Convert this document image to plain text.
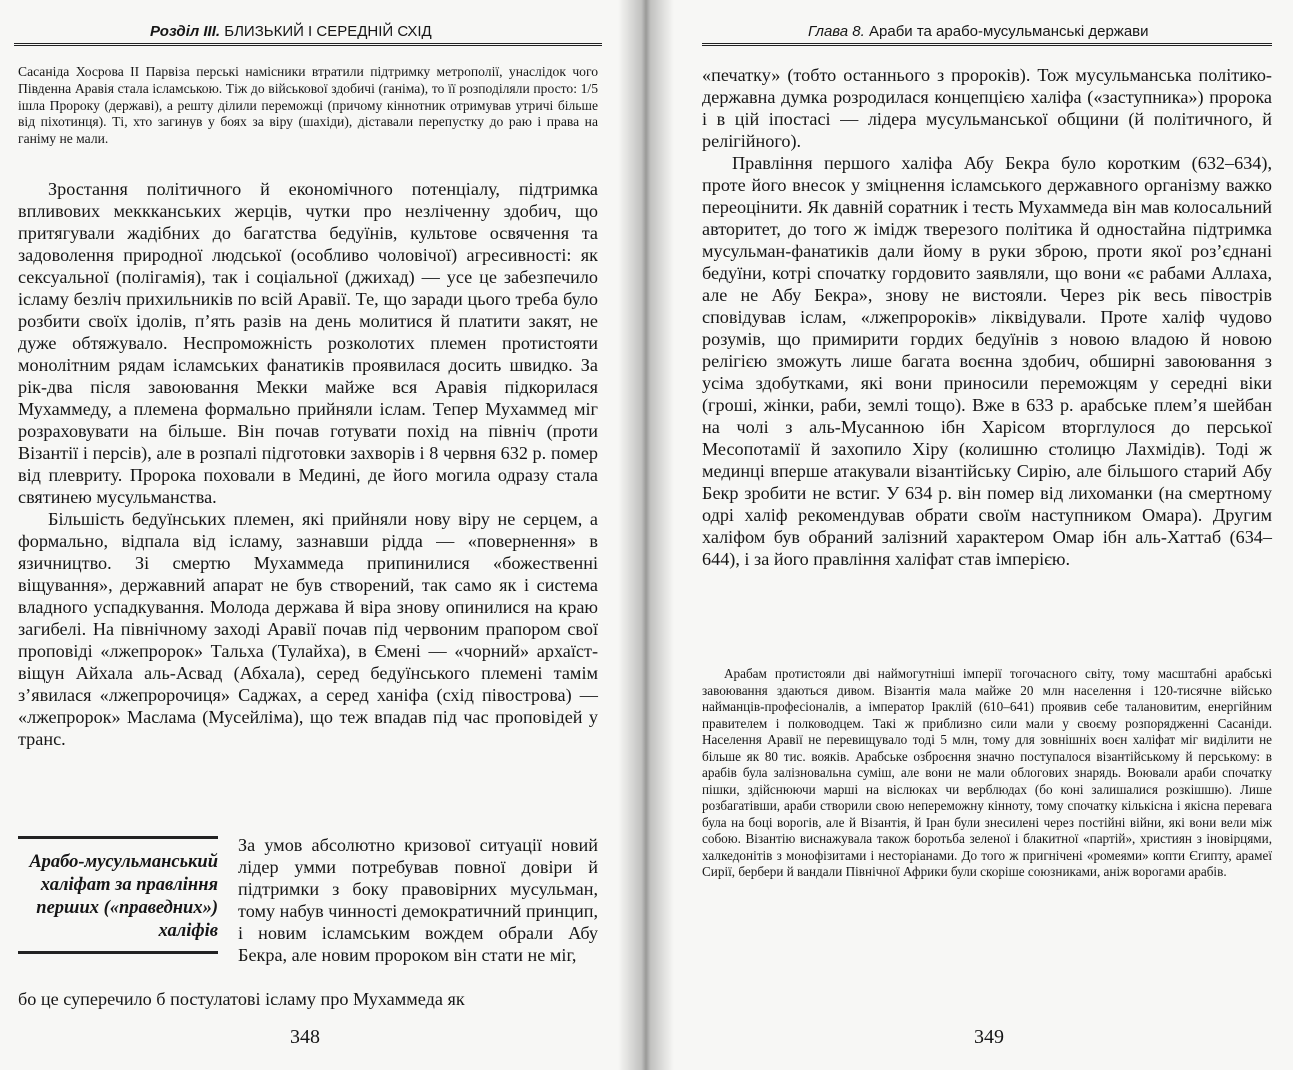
Розділ ІІІ. БЛИЗЬКИЙ І СЕРЕДНІЙ СХІД

Сасаніда Хосрова ІІ Парвіза перські намісники втратили підтримку метрополії, унаслідок чого Південна Аравія стала ісламською. Тіж до військової здобичі (ганіма), то її розподіляли просто: 1/5 ішла Пророку (державі), а решту ділили переможці (причому кіннотник отримував утричі більше від піхотинця). Ті, хто загинув у боях за віру (шахіди), діставали перепустку до раю і права на ганіму не мали.

Зростання політичного й економічного потенціалу, підтримка впливових меккканських жерців, чутки про незліченну здобич, що притягували жадібних до багатства бедуїнів, культове освячення та задоволення природної людської (особливо чоловічої) агресивності: як сексуальної (полігамія), так і соціальної (джихад) — усе це забезпечило ісламу безліч прихильників по всій Аравії. Те, що заради цього треба було розбити своїх ідолів, п’ять разів на день молитися й платити закят, не дуже обтяжувало. Неспроможність розколотих племен протистояти монолітним рядам ісламських фанатиків проявилася досить швидко. За рік-два після завоювання Мекки майже вся Аравія підкорилася Мухаммеду, а племена формально прийняли іслам. Тепер Мухаммед міг розраховувати на більше. Він почав готувати похід на північ (проти Візантії і персів), але в розпалі підготовки захворів і 8 червня 632 р. помер від плевриту. Пророка поховали в Медині, де його могила одразу стала святинею мусульманства.

Більшість бедуїнських племен, які прийняли нову віру не серцем, а формально, відпала від ісламу, зазнавши рідда — «повернення» в язичництво. Зі смертю Мухаммеда припинилися «божественні віщування», державний апарат не був створений, так само як і система владного успадкування. Молода держава й віра знову опинилися на краю загибелі. На північному заході Аравії почав під червоним прапором свої проповіді «лжепророк» Тальха (Тулайха), в Ємені — «чорний» архаїст-віщун Айхала аль-Асвад (Абхала), серед бедуїнського племені тамім з’явилася «лжепророчиця» Саджах, а серед ханіфа (схід півострова) — «лжепророк» Маслама (Мусейліма), що теж впадав під час проповідей у транс.

Арабо-мусульманський халіфат за правління перших («праведних») халіфів

За умов абсолютно кризової ситуації новий лідер умми потребував повної довіри й підтримки з боку правовірних мусульман, тому набув чинності демократичний принцип, і новим ісламським вождем обрали Абу Бекра, але новим пророком він стати не міг,

бо це суперечило б постулатові ісламу про Мухаммеда як

348
Глава 8. Араби та арабо-мусульманські держави

«печатку» (тобто останнього з пророків). Тож мусульманська політико-державна думка розродилася концепцією халіфа («заступника») пророка і в цій іпостасі — лідера мусульманської общини (й політичного, й релігійного).

Правління першого халіфа Абу Бекра було коротким (632–634), проте його внесок у зміцнення ісламського державного організму важко переоцінити. Як давній соратник і тесть Мухаммеда він мав колосальний авторитет, до того ж імідж тверезого політика й одностайна підтримка мусульман-фанатиків дали йому в руки зброю, проти якої роз’єднані бедуїни, котрі спочатку гордовито заявляли, що вони «є рабами Аллаха, але не Абу Бекра», знову не вистояли. Через рік весь півострів сповідував іслам, «лжепророків» ліквідували. Проте халіф чудово розумів, що примирити гордих бедуїнів з новою владою й новою релігією зможуть лише багата воєнна здобич, обширні завоювання з усіма здобутками, які вони приносили переможцям у середні віки (гроші, жінки, раби, землі тощо). Вже в 633 р. арабське плем’я шейбан на чолі з аль-Мусанною ібн Харісом вторглулося до перської Месопотамії й захопило Хіру (колишню столицю Лахмідів). Тоді ж мединці вперше атакували візантійську Сирію, але більшого старий Абу Бекр зробити не встиг. У 634 р. він помер від лихоманки (на смертному одрі халіф рекомендував обрати своїм наступником Омара). Другим халіфом був обраний залізний характером Омар ібн аль-Хаттаб (634–644), і за його правління халіфат став імперією.

Арабам протистояли дві наймогутніші імперії тогочасного світу, тому масштабні арабські завоювання здаються дивом. Візантія мала майже 20 млн населення і 120-тисячне військо найманців-професіоналів, а імператор Іраклій (610–641) проявив себе талановитим, енергійним правителем і полководцем. Такі ж приблизно сили мали у своєму розпорядженні Сасаніди. Населення Аравії не перевищувало тоді 5 млн, тому для зовнішніх воєн халіфат міг виділити не більше як 80 тис. вояків. Арабське озброєння значно поступалося візантійському й перському: в арабів була залізновальна суміш, але вони не мали облогових знарядь. Воювали араби спочатку пішки, здійснюючи марші на віслюках чи верблюдах (бо коні залишалися розкішшю). Лише розбагатівши, араби створили свою непереможну кінноту, тому спочатку кількісна і якісна перевага була на боці ворогів, але й Візантія, й Іран були знесилені через постійні війни, які вони вели між собою. Візантію виснажувала також боротьба зеленої і блакитної «партій», християн з іновірцями, халкедонітів з монофізитами і несторіанами. До того ж пригнічені «ромеями» копти Єгипту, арамеї Сирії, бербери й вандали Північної Африки були скоріше союзниками, аніж ворогами арабів.

349
